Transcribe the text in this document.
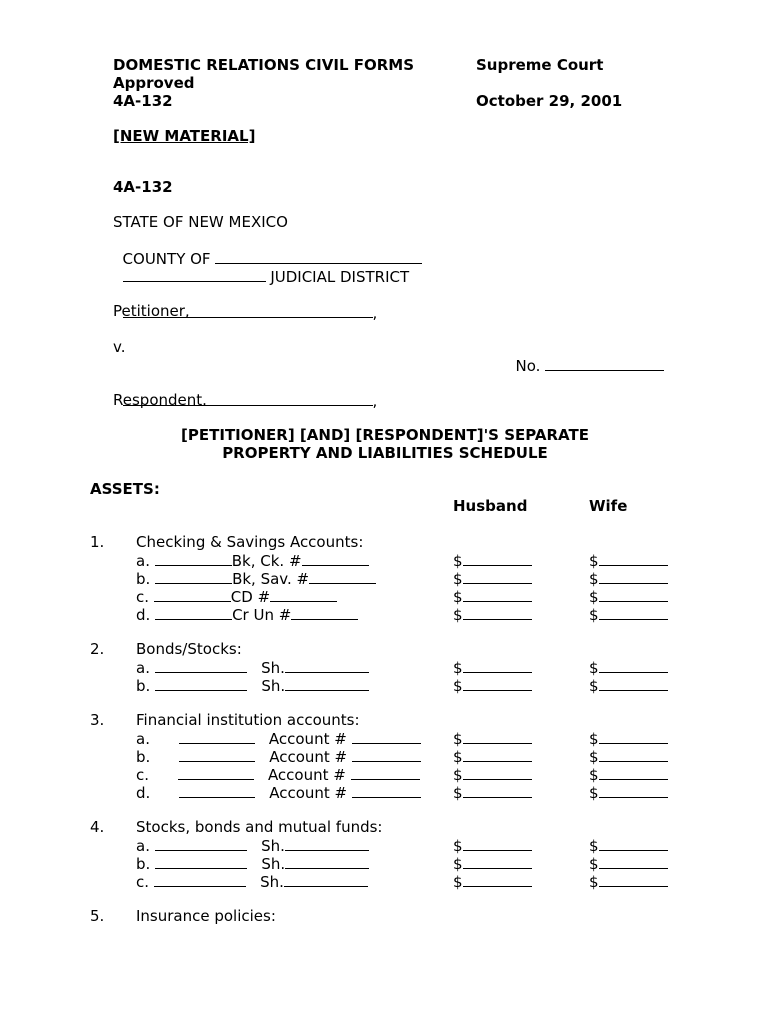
DOMESTIC RELATIONS CIVIL FORMS
Approved
4A-132
Supreme Court
October 29, 2001
[NEW MATERIAL]
4A-132
STATE OF NEW MEXICO

COUNTY OF

JUDICIAL DISTRICT

,

Petitioner,
v.

No.

,

Respondent.
[PETITIONER] [AND] [RESPONDENT]'S SEPARATE
PROPERTY AND LIABILITIES SCHEDULE
ASSETS:
Husband	Wife
1. Checking & Savings Accounts:
a.	Bk, Ck. #	$	$
b.	Bk, Sav. #	$	$
c.	CD #	$	$
d.	Cr Un #	$	$
2. Bonds/Stocks:
a.	Sh.	$	$
b.	Sh.	$	$
3. Financial institution accounts:
a.	Account #	$	$
b.	Account #	$	$
c.	Account #	$	$
d.	Account #	$	$
4. Stocks, bonds and mutual funds:
a.	Sh.	$	$
b.	Sh.	$	$
c.	Sh.	$	$
5. Insurance policies:
